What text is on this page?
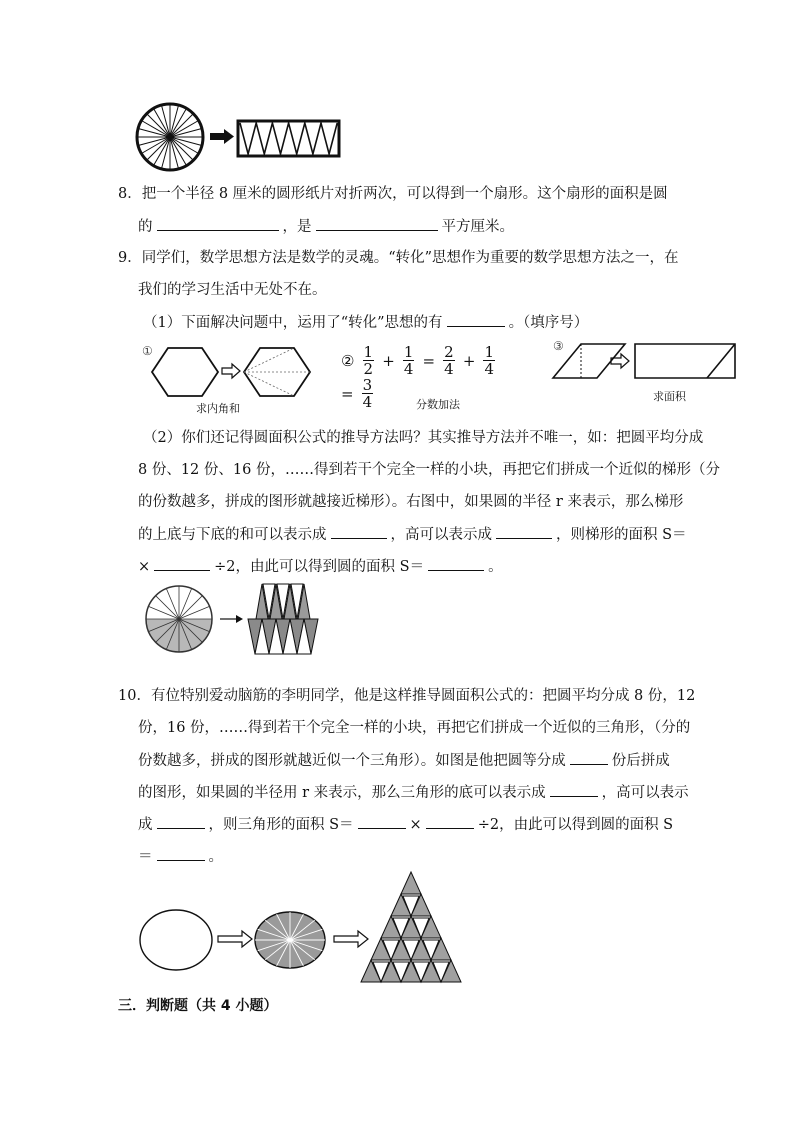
8．把一个半径 8 厘米的圆形纸片对折两次，可以得到一个扇形。这个扇形的面积是圆
的	，是	平方厘米。
9．同学们，数学思想方法是数学的灵魂。“转化”思想作为重要的数学思想方法之一，在
我们的学习生活中无处不在。
（1）下面解决问题中，运用了“转化”思想的有	。（填序号）
①
求内角和
② $\frac{1}{2} + \frac{1}{4} = \frac{2}{4} + \frac{1}{4}$
= $\frac{3}{4}$	分数加法
③
求面积
（2）你们还记得圆面积公式的推导方法吗？其实推导方法并不唯一，如：把圆平均分成
8 份、12 份、16 份，……得到若干个完全一样的小块，再把它们拼成一个近似的梯形（分
的份数越多，拼成的图形就越接近梯形）。右图中，如果圆的半径 r 来表示，那么梯形
的上底与下底的和可以表示成	，高可以表示成	，则梯形的面积 S＝
×	÷2，由此可以得到圆的面积 S＝	。
10．有位特别爱动脑筋的李明同学，他是这样推导圆面积公式的：把圆平均分成 8 份，12
份，16 份，……得到若干个完全一样的小块，再把它们拼成一个近似的三角形，（分的
份数越多，拼成的图形就越近似一个三角形）。如图是他把圆等分成	份后拼成
的图形，如果圆的半径用 r 来表示，那么三角形的底可以表示成	，高可以表示
成	，则三角形的面积 S＝	×	÷2，由此可以得到圆的面积 S
＝	。
三．判断题（共 4 小题）
